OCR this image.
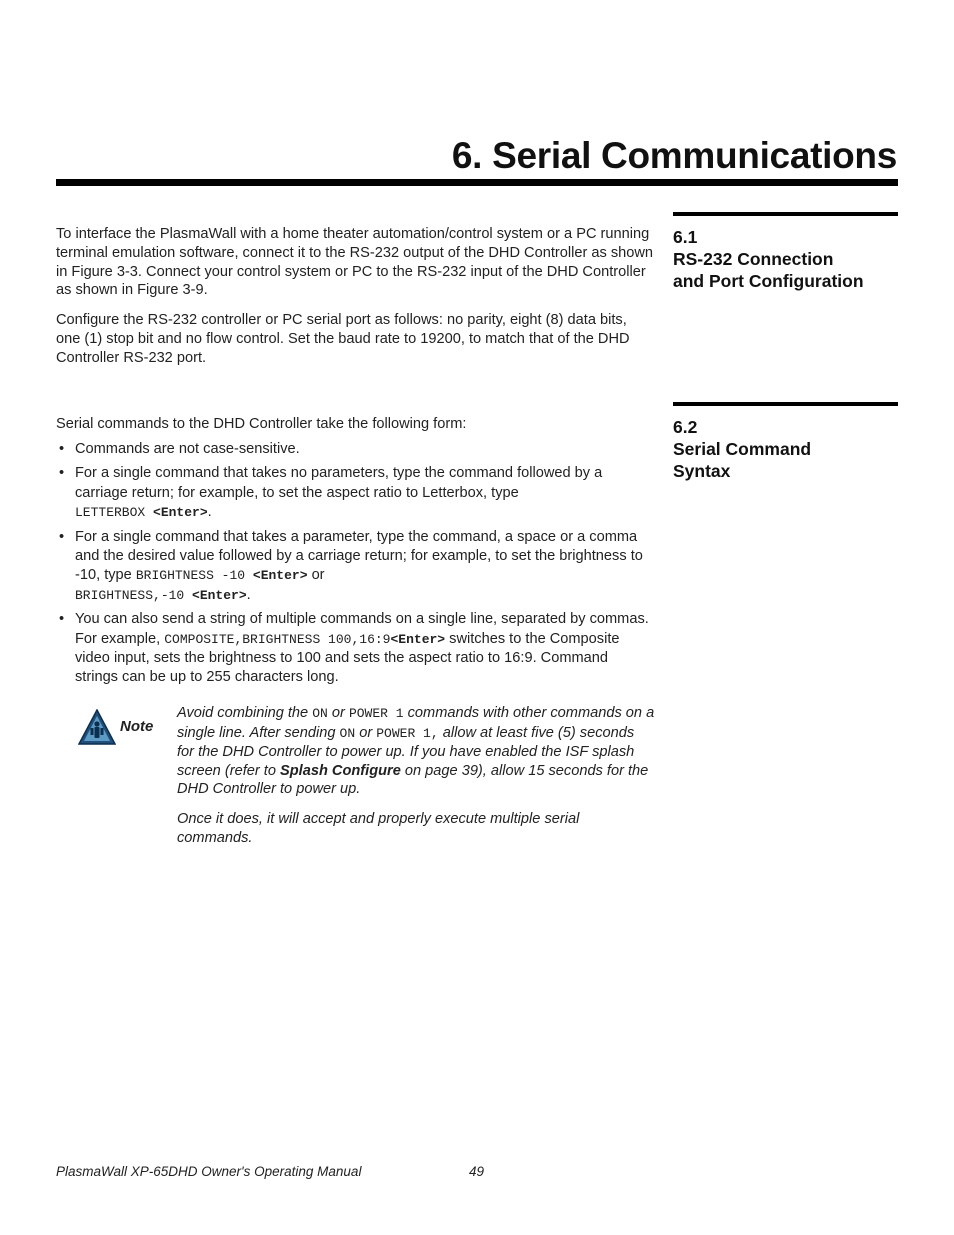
6. Serial Communications
6.1
RS-232 Connection
and Port Configuration

To interface the PlasmaWall with a home theater automation/control system or a PC running terminal emulation software, connect it to the RS-232 output of the DHD Controller as shown in Figure 3-3. Connect your control system or PC to the RS-232 input of the DHD Controller as shown in Figure 3-9.

Configure the RS-232 controller or PC serial port as follows: no parity, eight (8) data bits, one (1) stop bit and no flow control. Set the baud rate to 19200, to match that of the DHD Controller RS-232 port.

6.2
Serial Command
Syntax

Serial commands to the DHD Controller take the following form:

• Commands are not case-sensitive.
• For a single command that takes no parameters, type the command followed by a carriage return; for example, to set the aspect ratio to Letterbox, type
LETTERBOX <Enter>.
• For a single command that takes a parameter, type the command, a space or a comma and the desired value followed by a carriage return; for example, to set the brightness to -10, type BRIGHTNESS -10 <Enter> or
BRIGHTNESS,-10 <Enter>.
• You can also send a string of multiple commands on a single line, separated by commas. For example, COMPOSITE,BRIGHTNESS 100,16:9<Enter> switches to the Composite video input, sets the brightness to 100 and sets the aspect ratio to 16:9. Command strings can be up to 255 characters long.
Note

Avoid combining the ON or POWER 1 commands with other commands on a single line. After sending ON or POWER 1, allow at least five (5) seconds for the DHD Controller to power up. If you have enabled the ISF splash screen (refer to Splash Configure on page 39), allow 15 seconds for the DHD Controller to power up.

Once it does, it will accept and properly execute multiple serial commands.

PlasmaWall XP-65DHD Owner's Operating Manual	49
